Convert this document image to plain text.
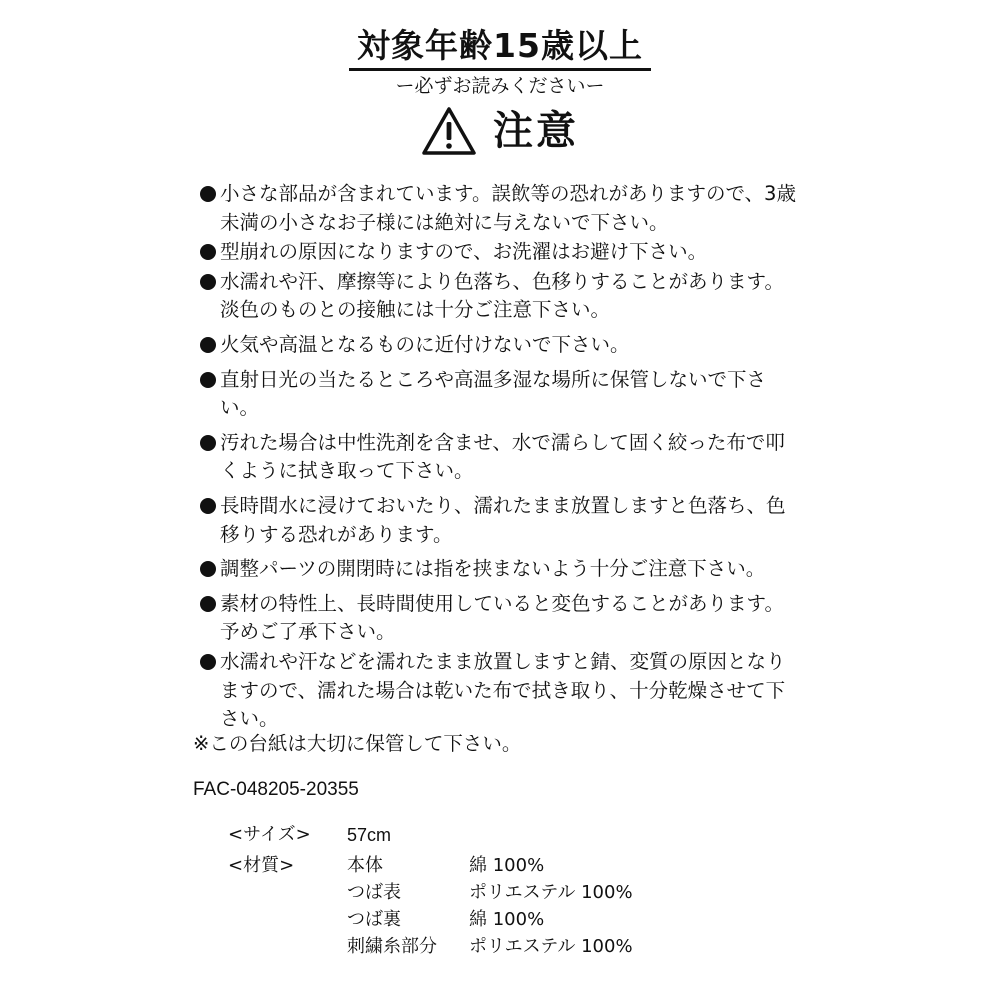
対象年齢15歳以上
ー必ずお読みくださいー
注意
小さな部品が含まれています。誤飲等の恐れがありますので、3歳未満の小さなお子様には絶対に与えないで下さい。
型崩れの原因になりますので、お洗濯はお避け下さい。
水濡れや汗、摩擦等により色落ち、色移りすることがあります。淡色のものとの接触には十分ご注意下さい。
火気や高温となるものに近付けないで下さい。
直射日光の当たるところや高温多湿な場所に保管しないで下さい。
汚れた場合は中性洗剤を含ませ、水で濡らして固く絞った布で叩くように拭き取って下さい。
長時間水に浸けておいたり、濡れたまま放置しますと色落ち、色移りする恐れがあります。
調整パーツの開閉時には指を挟まないよう十分ご注意下さい。
素材の特性上、長時間使用していると変色することがあります。予めご了承下さい。
水濡れや汗などを濡れたまま放置しますと錆、変質の原因となりますので、濡れた場合は乾いた布で拭き取り、十分乾燥させて下さい。
※この台紙は大切に保管して下さい。
FAC-048205-20355
<サイズ> 57cm
<材質>	本体	綿 100%
つば表	ポリエステル 100%
つば裏	綿 100%
刺繍糸部分 ポリエステル 100%
